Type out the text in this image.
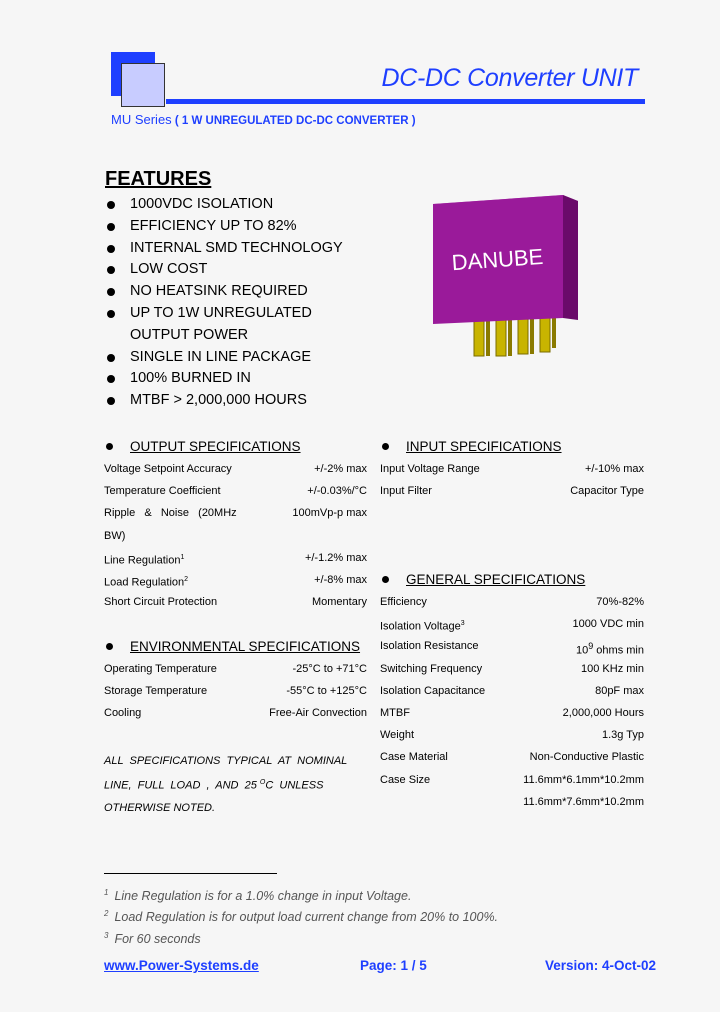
DC-DC Converter UNIT
MU Series ( 1 W UNREGULATED DC-DC CONVERTER )
FEATURES
1000VDC ISOLATION
EFFICIENCY UP TO 82%
INTERNAL SMD TECHNOLOGY
LOW COST
NO HEATSINK REQUIRED
UP TO 1W UNREGULATED
OUTPUT POWER
SINGLE IN LINE PACKAGE
100% BURNED IN
MTBF > 2,000,000 HOURS
DANUBE
OUTPUT SPECIFICATIONS
Voltage Setpoint Accuracy	+/-2% max
Temperature Coefficient	+/-0.03%/°C
Ripple   &   Noise   (20MHz	100mVp-p max
BW)
Line Regulation$^1$	+/-1.2% max
Load Regulation$^2$	+/-8% max
Short Circuit Protection	Momentary
ENVIRONMENTAL SPECIFICATIONS
Operating Temperature	-25°C to +71°C
Storage Temperature	-55°C to +125°C
Cooling	Free-Air Convection
ALL  SPECIFICATIONS  TYPICAL  AT  NOMINAL
LINE,  FULL  LOAD  ,  AND  25 $^O$C  UNLESS
OTHERWISE NOTED.
INPUT SPECIFICATIONS
Input Voltage Range	+/-10% max
Input Filter	Capacitor Type
GENERAL SPECIFICATIONS
Efficiency	70%-82%
Isolation Voltage$^3$	1000 VDC min
Isolation Resistance	$10^9$ ohms min
Switching Frequency	100 KHz min
Isolation Capacitance	80pF max
MTBF	2,000,000 Hours
Weight	1.3g Typ
Case Material	Non-Conductive Plastic
Case Size	11.6mm*6.1mm*10.2mm
11.6mm*7.6mm*10.2mm
$^1$ Line Regulation is for a 1.0% change in input Voltage.
$^2$ Load Regulation is for output load current change from 20% to 100%.
$^3$ For 60 seconds
www.Power-Systems.de	Page: 1 / 5	Version: 4-Oct-02
